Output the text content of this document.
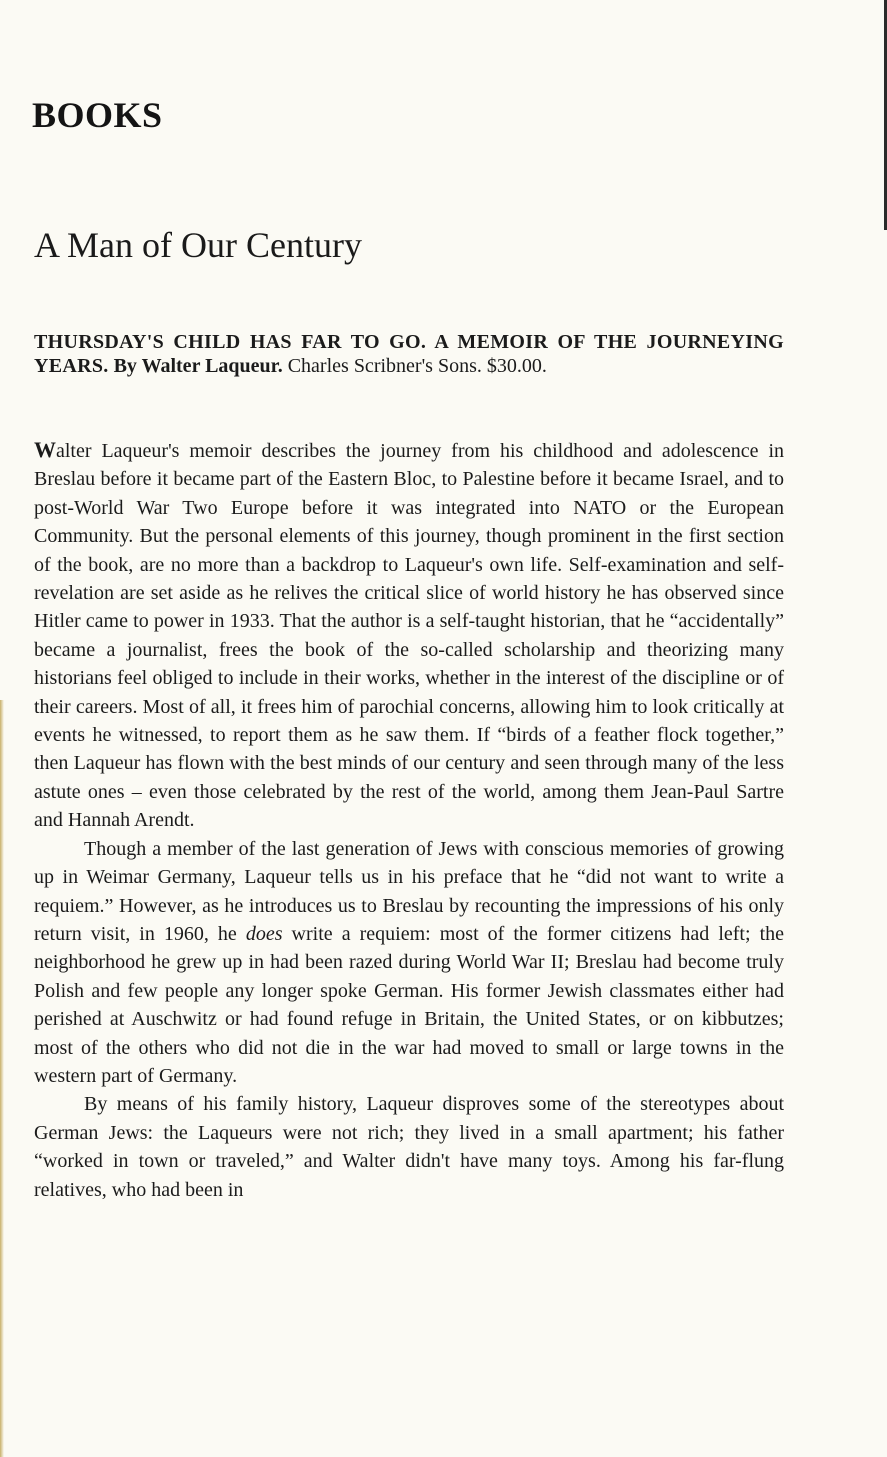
BOOKS
A Man of Our Century

THURSDAY'S CHILD HAS FAR TO GO. A MEMOIR OF THE JOURNEYING YEARS. By Walter Laqueur. Charles Scribner's Sons. $30.00.

Walter Laqueur's memoir describes the journey from his childhood and adolescence in Breslau before it became part of the Eastern Bloc, to Palestine before it became Israel, and to post-World War Two Europe before it was integrated into NATO or the European Community. But the personal elements of this journey, though prominent in the first section of the book, are no more than a backdrop to Laqueur's own life. Self-examination and self-revelation are set aside as he relives the critical slice of world history he has observed since Hitler came to power in 1933. That the author is a self-taught historian, that he “accidentally” became a journalist, frees the book of the so-called scholarship and theorizing many historians feel obliged to include in their works, whether in the interest of the discipline or of their careers. Most of all, it frees him of parochial concerns, allowing him to look critically at events he witnessed, to report them as he saw them. If “birds of a feather flock together,” then Laqueur has flown with the best minds of our century and seen through many of the less astute ones – even those celebrated by the rest of the world, among them Jean-Paul Sartre and Hannah Arendt.

Though a member of the last generation of Jews with conscious memories of growing up in Weimar Germany, Laqueur tells us in his preface that he “did not want to write a requiem.” However, as he introduces us to Breslau by recounting the impressions of his only return visit, in 1960, he does write a requiem: most of the former citizens had left; the neighborhood he grew up in had been razed during World War II; Breslau had become truly Polish and few people any longer spoke German. His former Jewish classmates either had perished at Auschwitz or had found refuge in Britain, the United States, or on kibbutzes; most of the others who did not die in the war had moved to small or large towns in the western part of Germany.

By means of his family history, Laqueur disproves some of the stereotypes about German Jews: the Laqueurs were not rich; they lived in a small apartment; his father “worked in town or traveled,” and Walter didn't have many toys. Among his far-flung relatives, who had been in
